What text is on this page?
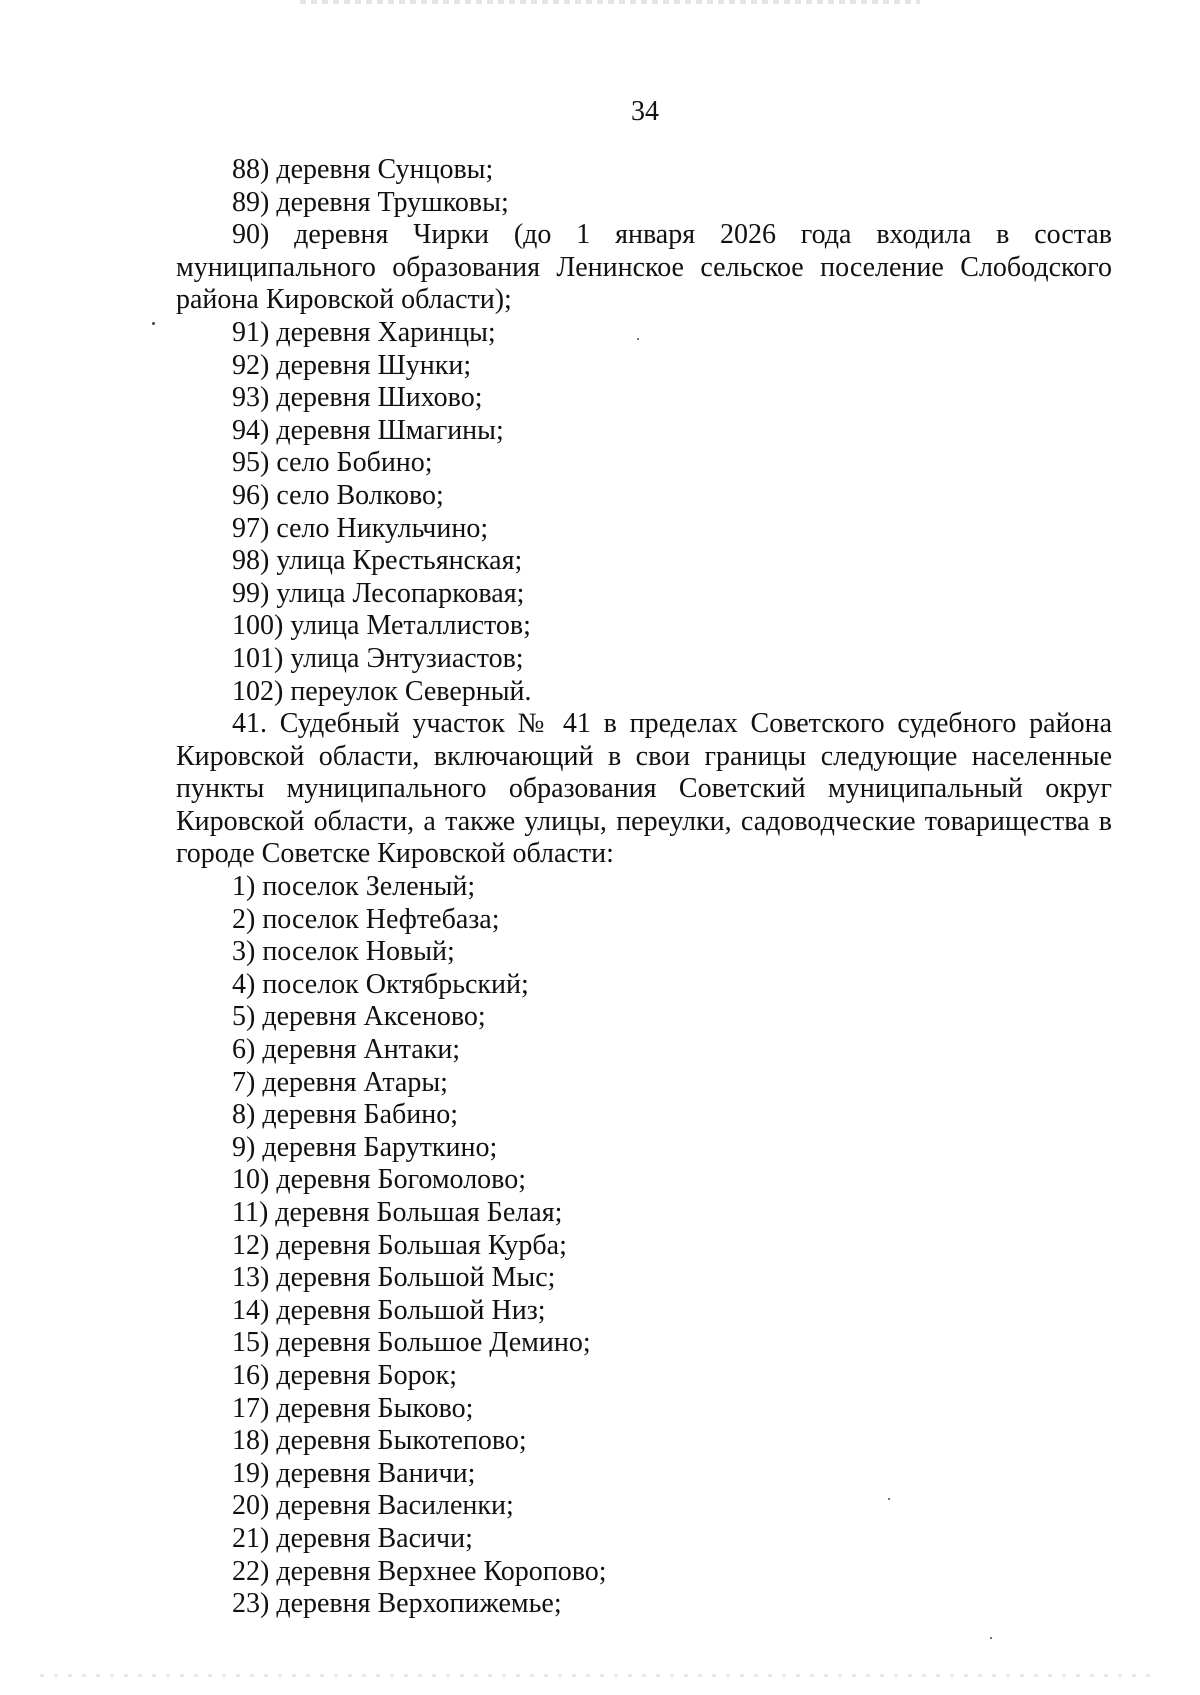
34
88) деревня Сунцовы;
89) деревня Трушковы;
90) деревня Чирки (до 1 января 2026 года входила в состав муниципального образования Ленинское сельское поселение Слободского района Кировской области);
91) деревня Харинцы;
92) деревня Шунки;
93) деревня Шихово;
94) деревня Шмагины;
95) село Бобино;
96) село Волково;
97) село Никульчино;
98) улица Крестьянская;
99) улица Лесопарковая;
100) улица Металлистов;
101) улица Энтузиастов;
102) переулок Северный.
41. Судебный участок № 41 в пределах Советского судебного района Кировской области, включающий в свои границы следующие населенные пункты муниципального образования Советский муниципальный округ Кировской области, а также улицы, переулки, садоводческие товарищества в городе Советске Кировской области:
1) поселок Зеленый;
2) поселок Нефтебаза;
3) поселок Новый;
4) поселок Октябрьский;
5) деревня Аксеново;
6) деревня Антаки;
7) деревня Атары;
8) деревня Бабино;
9) деревня Баруткино;
10) деревня Богомолово;
11) деревня Большая Белая;
12) деревня Большая Курба;
13) деревня Большой Мыс;
14) деревня Большой Низ;
15) деревня Большое Демино;
16) деревня Борок;
17) деревня Быково;
18) деревня Быкотепово;
19) деревня Ваничи;
20) деревня Василенки;
21) деревня Васичи;
22) деревня Верхнее Коропово;
23) деревня Верхопижемье;
